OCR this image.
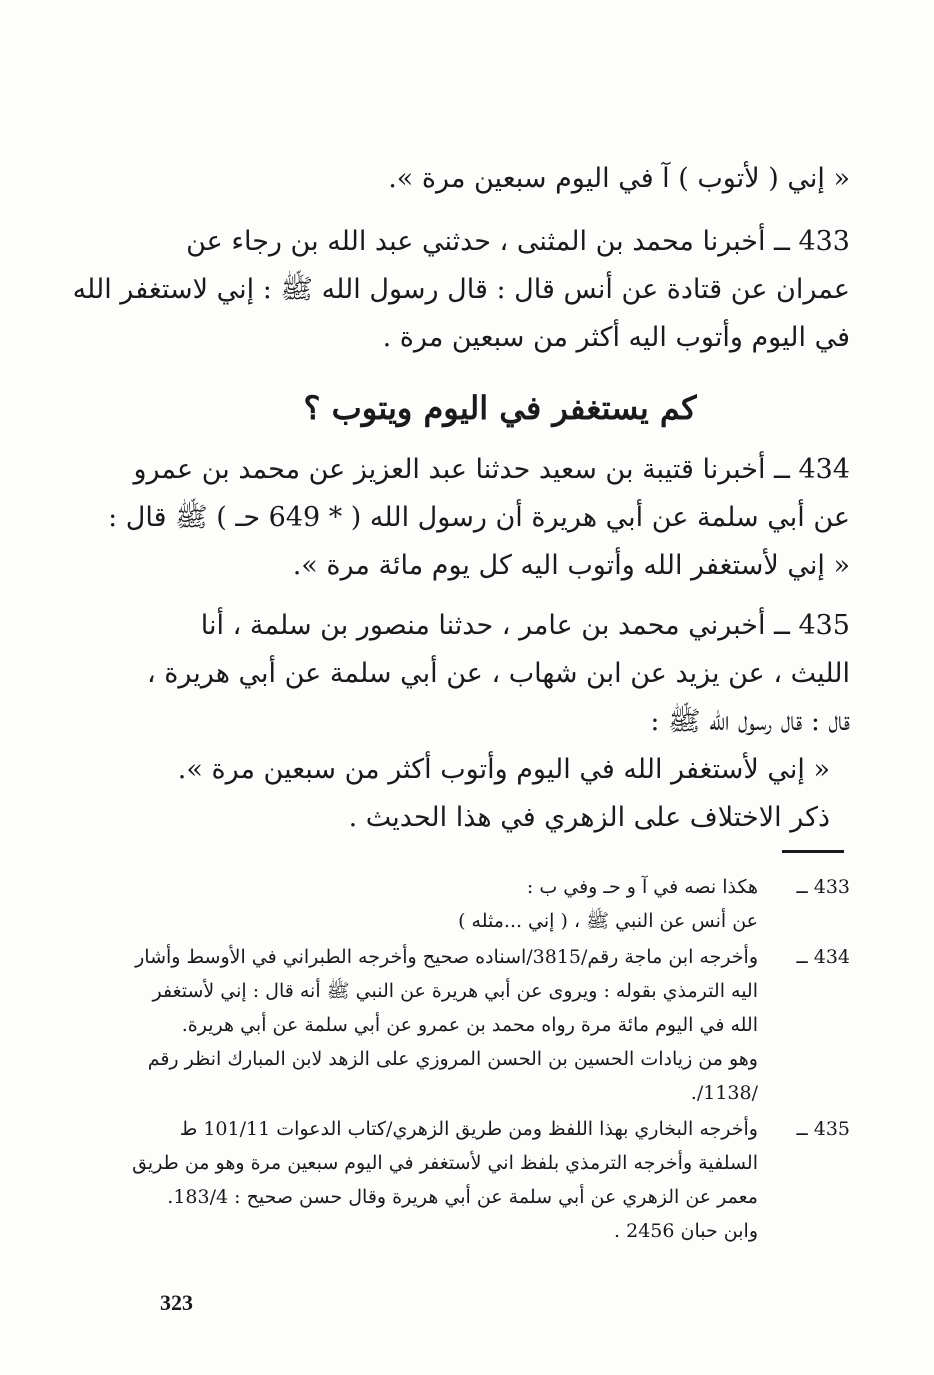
« إني ( لأتوب ) آ في اليوم سبعين مرة ».
433 ــ أخبرنا محمد بن المثنى ، حدثني عبد الله بن رجاء عن
عمران عن قتادة عن أنس قال : قال رسول الله ﷺ : إني لاستغفر الله
في اليوم وأتوب اليه أكثر من سبعين مرة .
كم يستغفر في اليوم ويتوب ؟
434 ــ أخبرنا قتيبة بن سعيد حدثنا عبد العزيز عن محمد بن عمرو
عن أبي سلمة عن أبي هريرة أن رسول الله ( * 649 حـ ) ﷺ قال :
« إني لأستغفر الله وأتوب اليه كل يوم مائة مرة ».
435 ــ أخبرني محمد بن عامر ، حدثنا منصور بن سلمة ، أنا
الليث ، عن يزيد عن ابن شهاب ، عن أبي سلمة عن أبي هريرة ،
قال : قال رسول الله ﷺ :
« إني لأستغفر الله في اليوم وأتوب أكثر من سبعين مرة ».
ذكر الاختلاف على الزهري في هذا الحديث .
433 ــ
هكذا نصه في آ و حـ وفي ب :
عن أنس عن النبي ﷺ ، ( إني ...مثله )
434 ــ
وأخرجه ابن ماجة رقم/3815/اسناده صحيح وأخرجه الطبراني في الأوسط وأشار
اليه الترمذي بقوله : ويروى عن أبي هريرة عن النبي ﷺ أنه قال : إني لأستغفر
الله في اليوم مائة مرة رواه محمد بن عمرو عن أبي سلمة عن أبي هريرة.
وهو من زيادات الحسين بن الحسن المروزي على الزهد لابن المبارك انظر رقم
/1138/.
435 ــ
وأخرجه البخاري بهذا اللفظ ومن طريق الزهري/كتاب الدعوات 101/11 ط
السلفية وأخرجه الترمذي بلفظ اني لأستغفر في اليوم سبعين مرة وهو من طريق
معمر عن الزهري عن أبي سلمة عن أبي هريرة وقال حسن صحيح : 183/4.
وابن حبان 2456 .
323
